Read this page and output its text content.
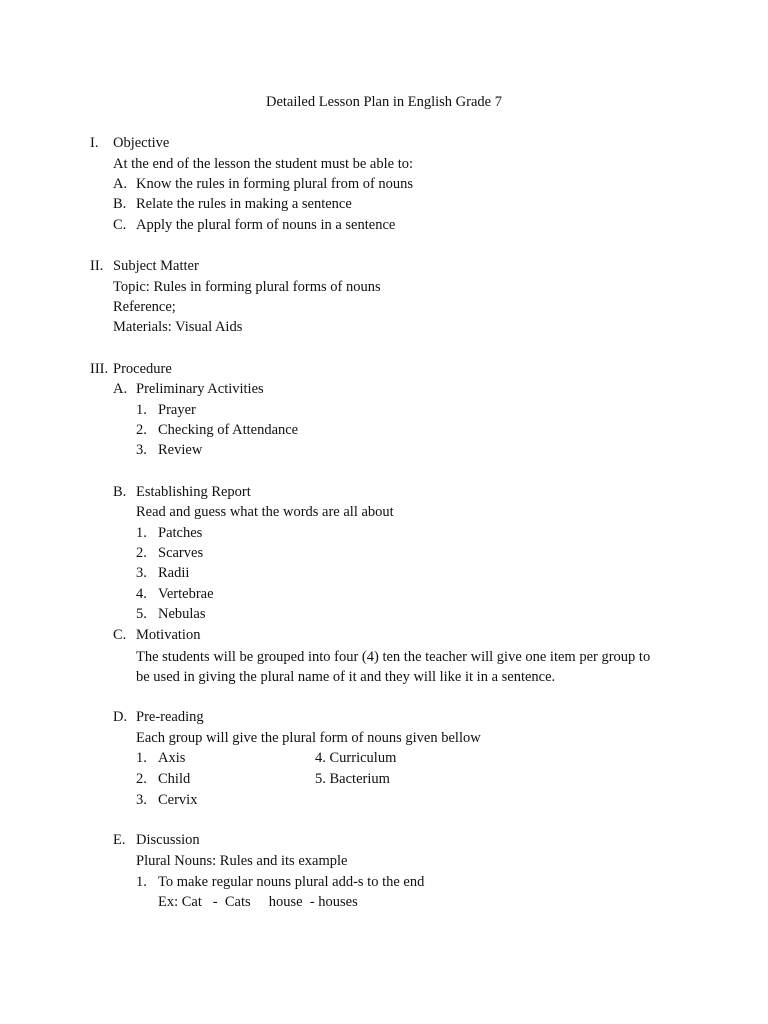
Detailed Lesson Plan in English Grade 7
I. Objective
At the end of the lesson the student must be able to:
A. Know the rules in forming plural from of nouns
B. Relate the rules in making a sentence
C. Apply the plural form of nouns in a sentence
II. Subject Matter
Topic: Rules in forming plural forms of nouns
Reference;
Materials: Visual Aids
III. Procedure
A. Preliminary Activities
1. Prayer
2. Checking of Attendance
3. Review
B. Establishing Report
Read and guess what the words are all about
1. Patches
2. Scarves
3. Radii
4. Vertebrae
5. Nebulas
C. Motivation
The students will be grouped into four (4) ten the teacher will give one item per group to
be used in giving the plural name of it and they will like it in a sentence.
D. Pre-reading
Each group will give the plural form of nouns given bellow
1. Axis
2. Child
3. Cervix
4. Curriculum
5. Bacterium
E. Discussion
Plural Nouns: Rules and its example
1. To make regular nouns plural add-s to the end
Ex: Cat   -  Cats     house  - houses
